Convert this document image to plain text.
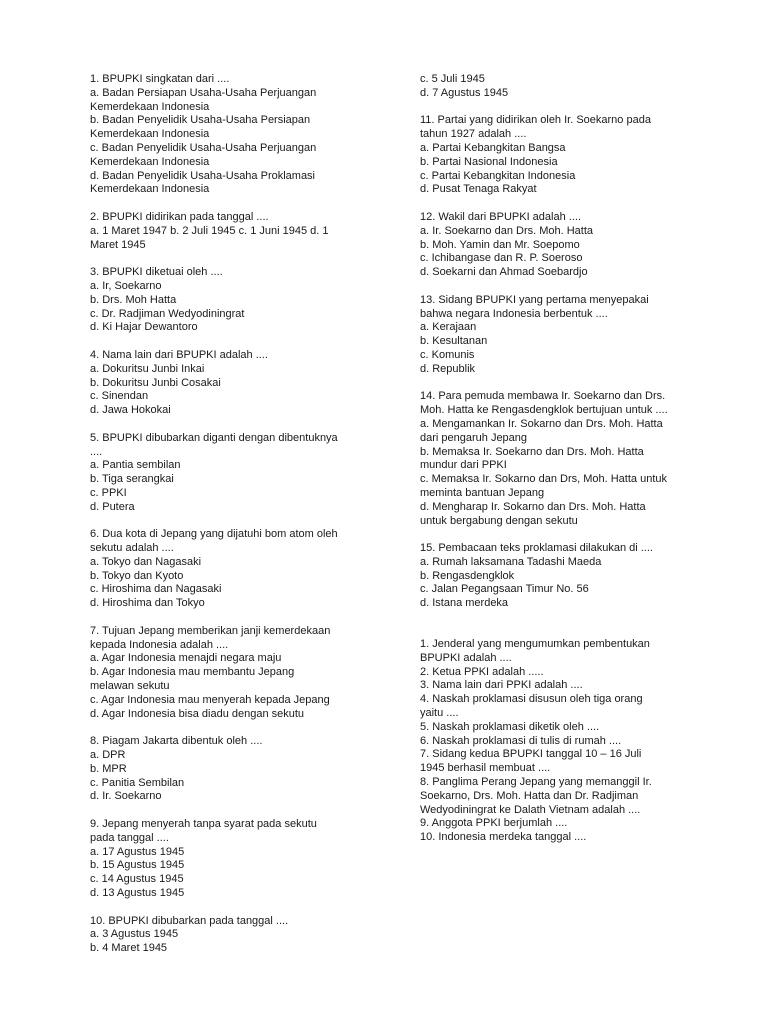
1. BPUPKI singkatan dari ....
a. Badan Persiapan Usaha-Usaha Perjuangan
Kemerdekaan Indonesia
b. Badan Penyelidik Usaha-Usaha Persiapan
Kemerdekaan Indonesia
c. Badan Penyelidik Usaha-Usaha Perjuangan
Kemerdekaan Indonesia
d. Badan Penyelidik Usaha-Usaha Proklamasi
Kemerdekaan Indonesia
2. BPUPKI didirikan pada tanggal ....
a. 1 Maret 1947 b. 2 Juli 1945 c. 1 Juni 1945 d. 1
Maret 1945
3. BPUPKI diketuai oleh ....
a. Ir, Soekarno
b. Drs. Moh Hatta
c. Dr. Radjiman Wedyodiningrat
d. Ki Hajar Dewantoro
4. Nama lain dari BPUPKI adalah ....
a. Dokuritsu Junbi Inkai
b. Dokuritsu Junbi Cosakai
c. Sinendan
d. Jawa Hokokai
5. BPUPKI dibubarkan diganti dengan dibentuknya
....
a. Pantia sembilan
b. Tiga serangkai
c. PPKI
d. Putera
6. Dua kota di Jepang yang dijatuhi bom atom oleh
sekutu adalah ....
a. Tokyo dan Nagasaki
b. Tokyo dan Kyoto
c. Hiroshima dan Nagasaki
d. Hiroshima dan Tokyo
7. Tujuan Jepang memberikan janji kemerdekaan
kepada Indonesia adalah ....
a. Agar Indonesia menajdi negara maju
b. Agar Indonesia mau membantu Jepang
melawan sekutu
c. Agar Indonesia mau menyerah kepada Jepang
d. Agar Indonesia bisa diadu dengan sekutu
8. Piagam Jakarta dibentuk oleh ....
a. DPR
b. MPR
c. Panitia Sembilan
d. Ir. Soekarno
9. Jepang menyerah tanpa syarat pada sekutu
pada tanggal ....
a. 17 Agustus 1945
b. 15 Agustus 1945
c. 14 Agustus 1945
d. 13 Agustus 1945
10. BPUPKI dibubarkan pada tanggal ....
a. 3 Agustus 1945
b. 4 Maret 1945
c. 5 Juli 1945
d. 7 Agustus 1945
11. Partai yang didirikan oleh Ir. Soekarno pada
tahun 1927 adalah ....
a. Partai Kebangkitan Bangsa
b. Partai Nasional Indonesia
c. Partai Kebangkitan Indonesia
d. Pusat Tenaga Rakyat
12. Wakil dari BPUPKI adalah ....
a. Ir. Soekarno dan Drs. Moh. Hatta
b. Moh. Yamin dan Mr. Soepomo
c. Ichibangase dan R. P. Soeroso
d. Soekarni dan Ahmad Soebardjo
13. Sidang BPUPKI yang pertama menyepakai
bahwa negara Indonesia berbentuk ....
a. Kerajaan
b. Kesultanan
c. Komunis
d. Republik
14. Para pemuda membawa Ir. Soekarno dan Drs.
Moh. Hatta ke Rengasdengklok bertujuan untuk ....
a. Mengamankan Ir. Sokarno dan Drs. Moh. Hatta
dari pengaruh Jepang
b. Memaksa Ir. Soekarno dan Drs. Moh. Hatta
mundur dari PPKI
c. Memaksa Ir. Sokarno dan Drs, Moh. Hatta untuk
meminta bantuan Jepang
d. Mengharap Ir. Sokarno dan Drs. Moh. Hatta
untuk bergabung dengan sekutu
15. Pembacaan teks proklamasi dilakukan di ....
a. Rumah laksamana Tadashi Maeda
b. Rengasdengklok
c. Jalan Pegangsaan Timur No. 56
d. Istana merdeka
1. Jenderal yang mengumumkan pembentukan
BPUPKI adalah ....
2. Ketua PPKI adalah .....
3. Nama lain dari PPKI adalah ....
4. Naskah proklamasi disusun oleh tiga orang
yaitu ....
5. Naskah proklamasi diketik oleh ....
6. Naskah proklamasi di tulis di rumah ....
7. Sidang kedua BPUPKI tanggal 10 – 16 Juli
1945 berhasil membuat ....
8. Panglima Perang Jepang yang memanggil Ir.
Soekarno, Drs. Moh. Hatta dan Dr. Radjiman
Wedyodiningrat ke Dalath Vietnam adalah ....
9. Anggota PPKI berjumlah ....
10. Indonesia merdeka tanggal ....
